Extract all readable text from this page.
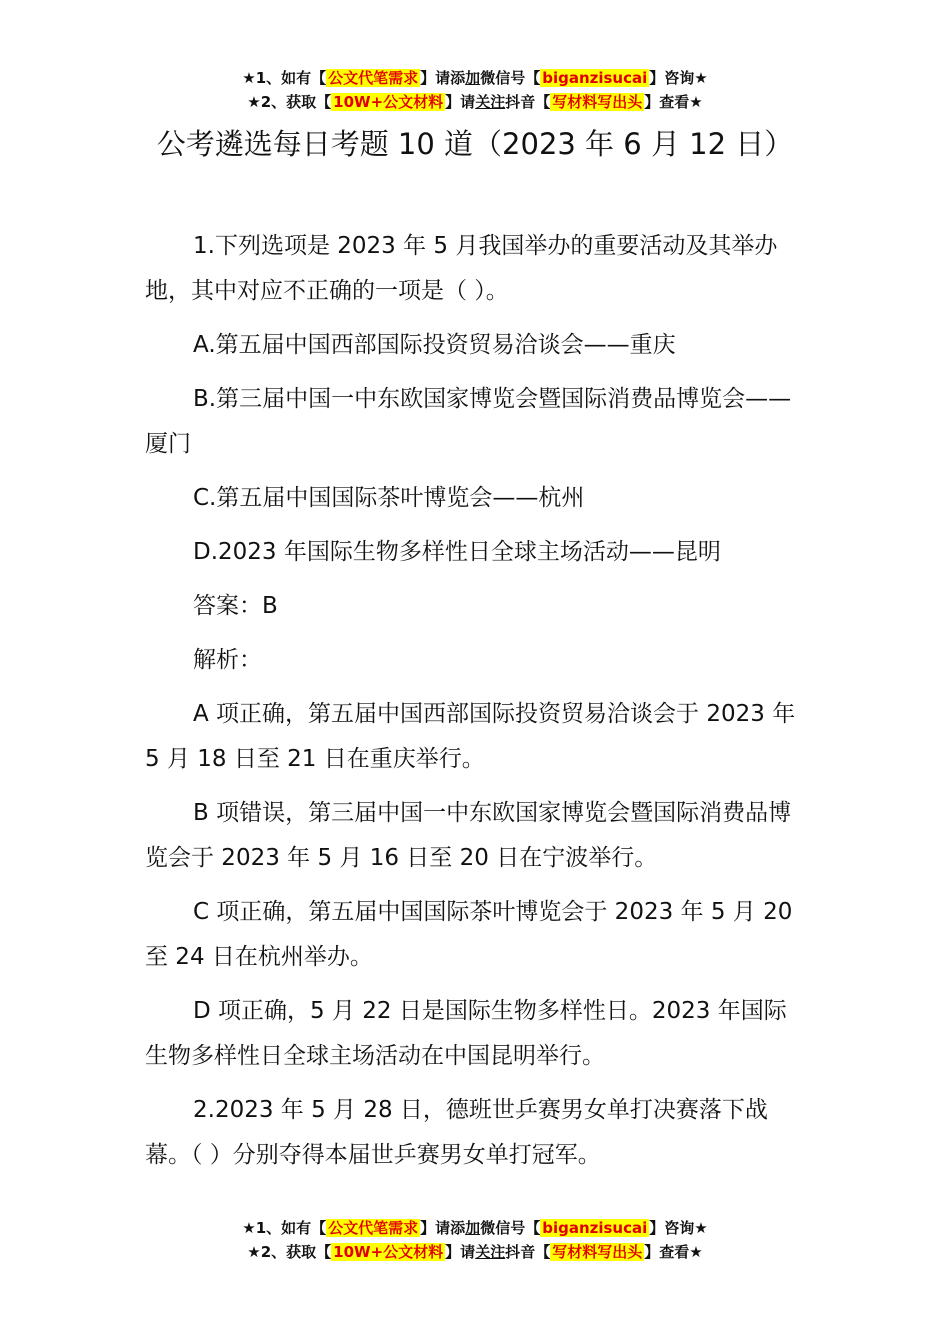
★1、如有【 公文代笔需求 】请添加微信号【 biganzisucai 】咨询★
★2、获取【 10W+公文材料 】请关注抖音【 写材料写出头 】查看★
公考遴选每日考题 10 道（2023 年 6 月 12 日）

1.下列选项是 2023 年 5 月我国举办的重要活动及其举办地，其中对应不正确的一项是（ ）。

A.第五届中国西部国际投资贸易洽谈会——重庆

B.第三届中国一中东欧国家博览会暨国际消费品博览会——厦门

C.第五届中国国际茶叶博览会——杭州

D.2023 年国际生物多样性日全球主场活动——昆明

答案：B

解析：

A 项正确，第五届中国西部国际投资贸易洽谈会于 2023 年 5 月 18 日至 21 日在重庆举行。

B 项错误，第三届中国一中东欧国家博览会暨国际消费品博览会于 2023 年 5 月 16 日至 20 日在宁波举行。

C 项正确，第五届中国国际茶叶博览会于 2023 年 5 月 20 至 24 日在杭州举办。

D 项正确，5 月 22 日是国际生物多样性日。2023 年国际生物多样性日全球主场活动在中国昆明举行。

2.2023 年 5 月 28 日，德班世乒赛男女单打决赛落下战幕。（ ）分别夺得本届世乒赛男女单打冠军。

★1、如有【 公文代笔需求 】请添加微信号【 biganzisucai 】咨询★
★2、获取【 10W+公文材料 】请关注抖音【 写材料写出头 】查看★
